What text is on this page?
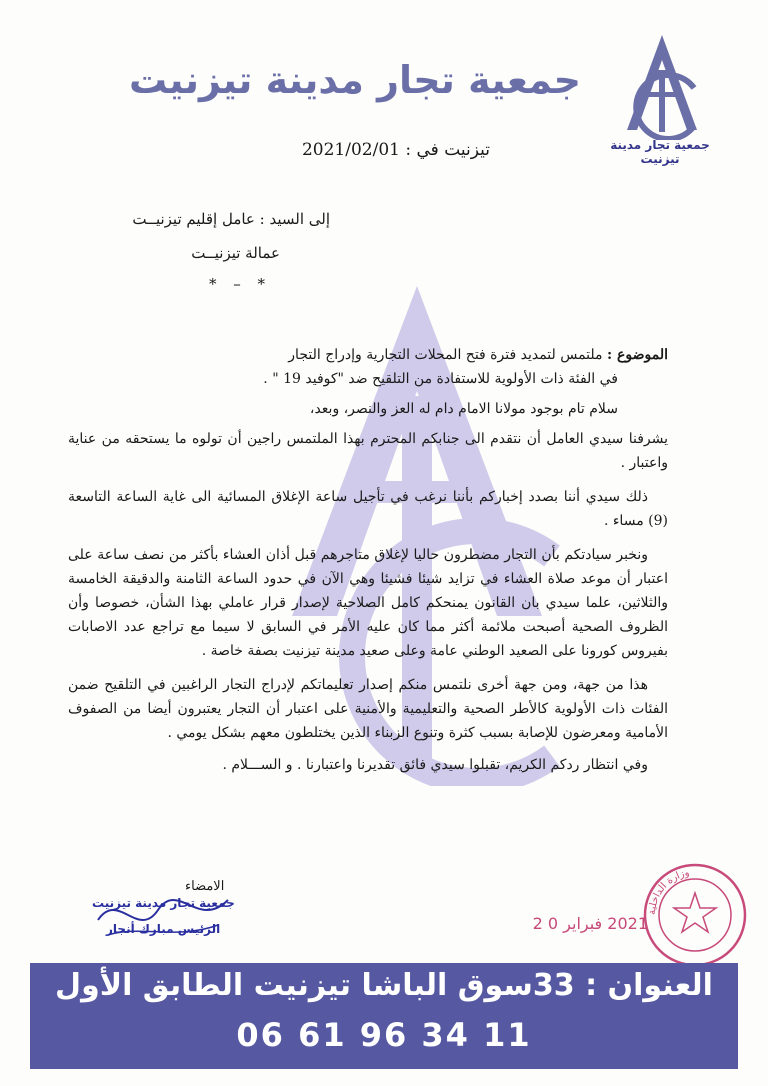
جمعية تجار مدينة تيزنيت
جمعية تجار مدينة تيزنيت
تيزنيت في : 2021/02/01
إلى السيد : عامل إقليم تيزنيــت
عمالة تيزنيــت
* – *

الموضوع : ملتمس لتمديد فترة فتح المحلات التجارية وإدراج التجار

في الفئة ذات الأولوية للاستفادة من التلقيح ضد "كوفيد 19 " .

سلام تام بوجود مولانا الامام دام له العز والنصر، وبعد،

يشرفنا سيدي العامل أن نتقدم الى جنابكم المحترم بهذا الملتمس راجين أن تولوه ما يستحقه من عناية واعتبار .

ذلك سيدي أننا بصدد إخباركم بأننا نرغب في تأجيل ساعة الإغلاق المسائية الى غاية الساعة التاسعة (9) مساء .

ونخبر سيادتكم بأن التجار مضطرون حاليا لإغلاق متاجرهم قبل أذان العشاء بأكثر من نصف ساعة على اعتبار أن موعد صلاة العشاء في تزايد شيئا فشيئا وهي الآن في حدود الساعة الثامنة والدقيقة الخامسة والثلاثين، علما سيدي بان القانون يمنحكم كامل الصلاحية لإصدار قرار عاملي بهذا الشأن، خصوصا وأن الظروف الصحية أصبحت ملائمة أكثر مما كان عليه الأمر في السابق لا سيما مع تراجع عدد الاصابات بفيروس كورونا على الصعيد الوطني عامة وعلى صعيد مدينة تيزنيت بصفة خاصة .

هذا من جهة، ومن جهة أخرى نلتمس منكم إصدار تعليماتكم لإدراج التجار الراغبين في التلقيح ضمن الفئات ذات الأولوية كالأطر الصحية والتعليمية والأمنية على اعتبار أن التجار يعتبرون أيضا من الصفوف الأمامية ومعرضون للإصابة بسبب كثرة وتنوع الزبناء الذين يختلطون معهم بشكل يومي .

وفي انتظار ردكم الكريم، تقبلوا سيدي فائق تقديرنا واعتبارنا . و الســـلام .

الامضاء
جمعية تجار مدينة تيزنيت
الرئيس مبارك أنجار	2021 فبراير 0 2
وزارة الداخلية
العنوان : 33سوق الباشا تيزنيت الطابق الأول
06 61 96 34 11
